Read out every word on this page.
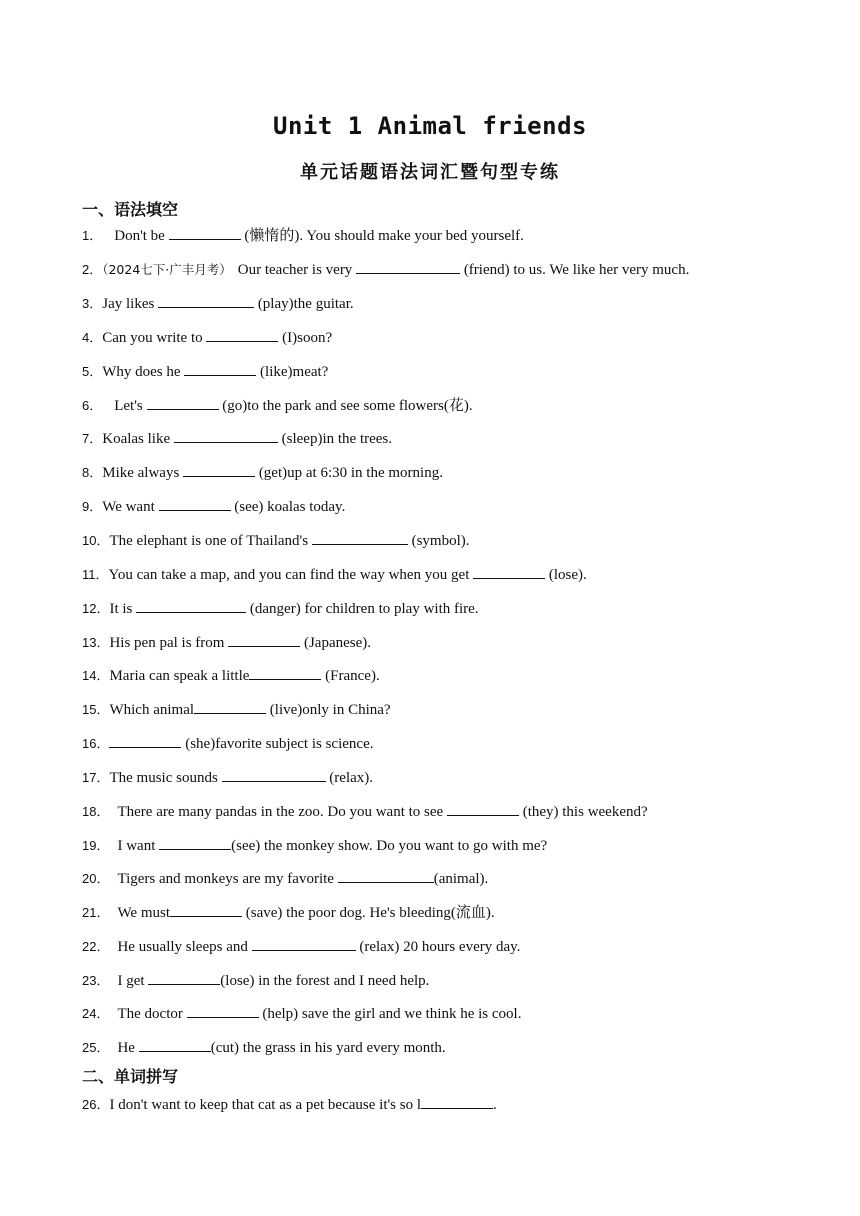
Unit 1 Animal friends
单元话题语法词汇暨句型专练
一、语法填空
1． Don't be	(懒惰的). You should make your bed yourself.
2．（2024七下·广丰月考） Our teacher is very	(friend) to us. We like her very much.
3．Jay likes	(play)the guitar.
4．Can you write to	(I)soon?
5．Why does he	(like)meat?
6． Let's	(go)to the park and see some flowers(花).
7．Koalas like	(sleep)in the trees.
8．Mike always	(get)up at 6:30 in the morning.
9．We want	(see) koalas today.
10．The elephant is one of Thailand's	(symbol).
11．You can take a map, and you can find the way when you get	(lose).
12．It is	(danger) for children to play with fire.
13．His pen pal is from	(Japanese).
14．Maria can speak a little	(France).
15．Which animal	(live)only in China?
16．	(she)favorite subject is science.
17．The music sounds	(relax).
18． There are many pandas in the zoo. Do you want to see	(they) this weekend?
19． I want	(see) the monkey show. Do you want to go with me?
20． Tigers and monkeys are my favorite	(animal).
21． We must	(save) the poor dog. He's bleeding(流血).
22． He usually sleeps and	(relax) 20 hours every day.
23． I get	(lose) in the forest and I need help.
24． The doctor	(help) save the girl and we think he is cool.
25． He	(cut) the grass in his yard every month.
二、单词拼写
26．I don't want to keep that cat as a pet because it's so l	.
